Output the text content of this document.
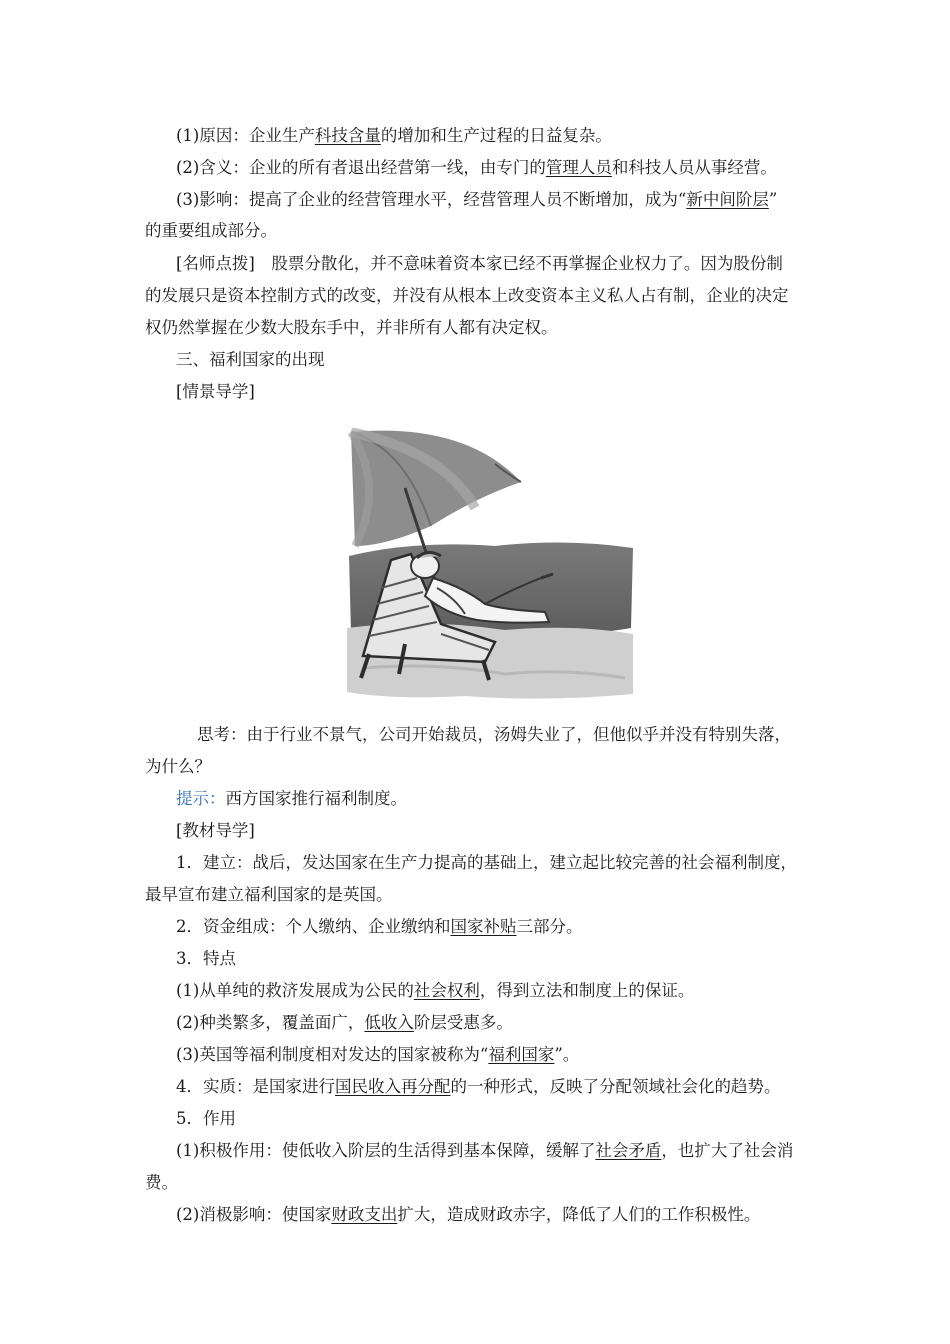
(1)原因：企业生产科技含量的增加和生产过程的日益复杂。
(2)含义：企业的所有者退出经营第一线，由专门的管理人员和科技人员从事经营。
(3)影响：提高了企业的经营管理水平，经营管理人员不断增加，成为“新中间阶层”
的重要组成部分。
[名师点拨]　股票分散化，并不意味着资本家已经不再掌握企业权力了。因为股份制
的发展只是资本控制方式的改变，并没有从根本上改变资本主义私人占有制，企业的决定
权仍然掌握在少数大股东手中，并非所有人都有决定权。
三、福利国家的出现
[情景导学]
思考：由于行业不景气，公司开始裁员，汤姆失业了，但他似乎并没有特别失落，
为什么？
提示：西方国家推行福利制度。
[教材导学]
1．建立：战后，发达国家在生产力提高的基础上，建立起比较完善的社会福利制度，
最早宣布建立福利国家的是英国。
2．资金组成：个人缴纳、企业缴纳和国家补贴三部分。
3．特点
(1)从单纯的救济发展成为公民的社会权利，得到立法和制度上的保证。
(2)种类繁多，覆盖面广，低收入阶层受惠多。
(3)英国等福利制度相对发达的国家被称为“福利国家”。
4．实质：是国家进行国民收入再分配的一种形式，反映了分配领域社会化的趋势。
5．作用
(1)积极作用：使低收入阶层的生活得到基本保障，缓解了社会矛盾，也扩大了社会消
费。
(2)消极影响：使国家财政支出扩大，造成财政赤字，降低了人们的工作积极性。
